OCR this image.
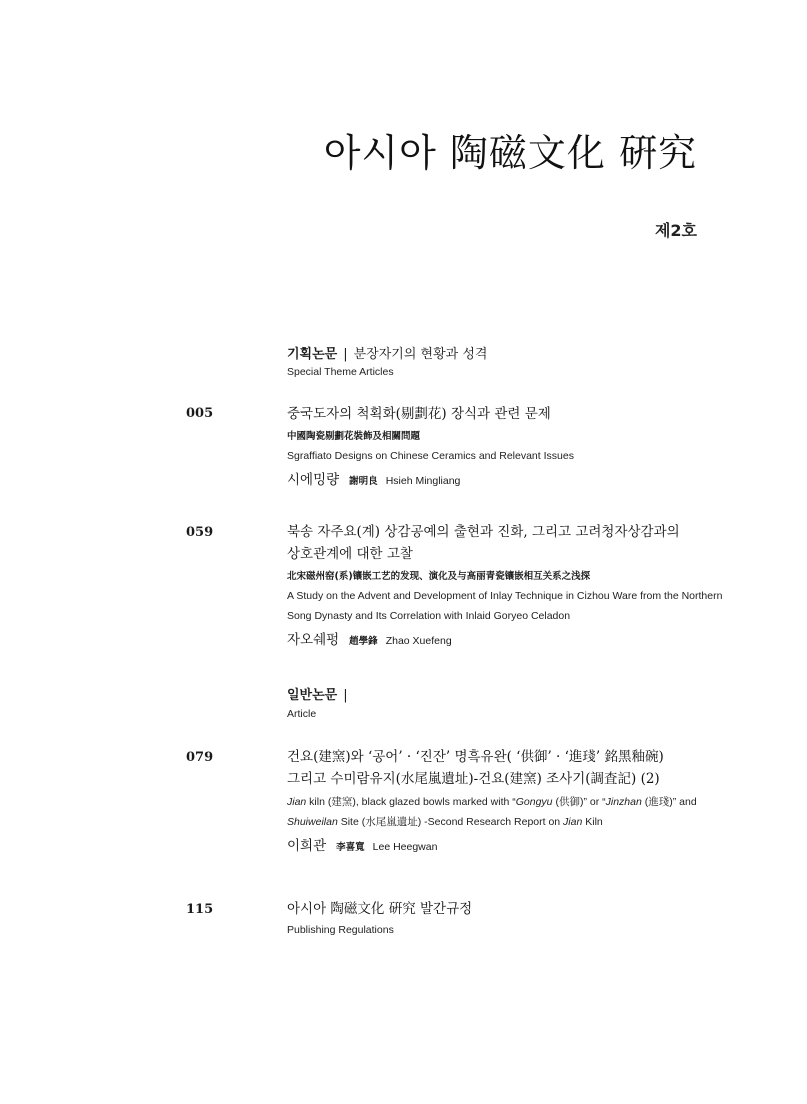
아시아 陶磁文化 硏究
제2호
기획논문 | 분장자기의 현황과 성격
Special Theme Articles
005	중국도자의 척획화(剔劃花) 장식과 관련 문제
中國陶瓷剔劃花裝飾及相關問題
Sgraffiato Designs on Chinese Ceramics and Relevant Issues
시에밍량 謝明良 Hsieh Mingliang
059	북송 자주요(계) 상감공예의 출현과 진화, 그리고 고려청자상감과의
상호관계에 대한 고찰
北宋磁州窑(系)镶嵌工艺的发现、演化及与高丽青瓷镶嵌相互关系之浅探
A Study on the Advent and Development of Inlay Technique in Cizhou Ware from the Northern
Song Dynasty and Its Correlation with Inlaid Goryeo Celadon
자오쉐펑 趙學鋒 Zhao Xuefeng
일반논문 |
Article
079	건요(建窯)와 ‘공어’ · ‘진잔’ 명흑유완( ‘供御’ · ‘進琖’ 銘黑釉碗)
그리고 수미람유지(水尾嵐遺址)-건요(建窯) 조사기(調査記) (2)
Jian kiln (建窯), black glazed bowls marked with “Gongyu (供御)” or “Jinzhan (進琖)” and
Shuiweilan Site (水尾嵐遺址) -Second Research Report on Jian Kiln
이희관 李喜寬 Lee Heegwan
115	아시아 陶磁文化 硏究 발간규정
Publishing Regulations
